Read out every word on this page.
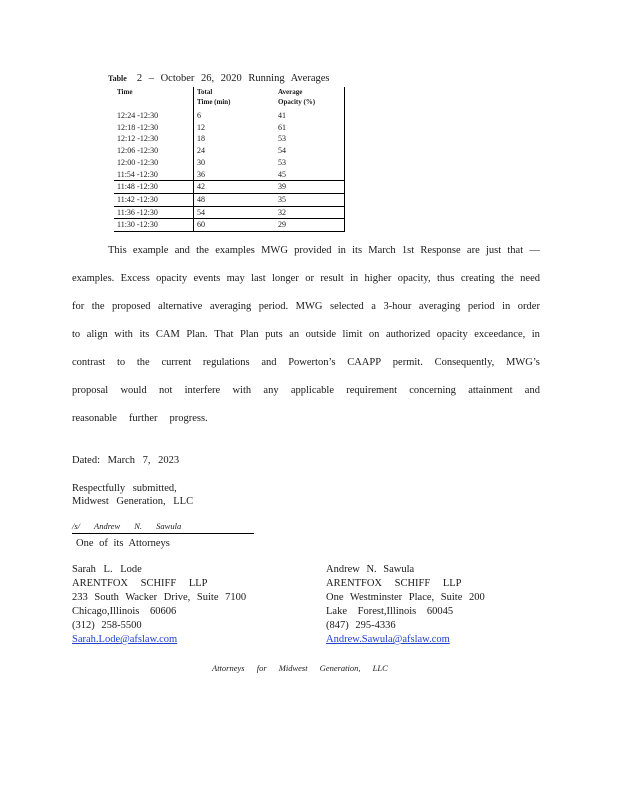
Table 2 – October 26, 2020 Running Averages
Time	Total	Average
	Time (min)	Opacity (%)
12:24 -12:30	6	41
12:18 -12:30	12	61
12:12 -12:30	18	53
12:06 -12:30	24	54
12:00 -12:30	30	53
11:54 -12:30	36	45
11:48 -12:30	42	39
11:42 -12:30	48	35
11:36 -12:30	54	32
11:30 -12:30	60	29
This example and the examples MWG provided in its March 1st Response are just that —
examples. Excess opacity events may last longer or result in higher opacity, thus creating the need
for the proposed alternative averaging period. MWG selected a 3-hour averaging period in order
to align with its CAM Plan. That Plan puts an outside limit on authorized opacity exceedance, in
contrast to the current regulations and Powerton’s CAAPP permit. Consequently, MWG’s
proposal would not interfere with any applicable requirement concerning attainment and
reasonable further progress.
Dated: March 7, 2023
Respectfully submitted,
Midwest Generation, LLC
/s/ Andrew N. Sawula
One of its Attorneys
Sarah L. Lode
ARENTFOX SCHIFF LLP
233 South Wacker Drive, Suite 7100
Chicago,Illinois 60606
(312) 258-5500
Sarah.Lode@afslaw.com
Andrew N. Sawula
ARENTFOX SCHIFF LLP
One Westminster Place, Suite 200
Lake Forest,Illinois 60045
(847) 295-4336
Andrew.Sawula@afslaw.com
Attorneys for Midwest Generation, LLC
